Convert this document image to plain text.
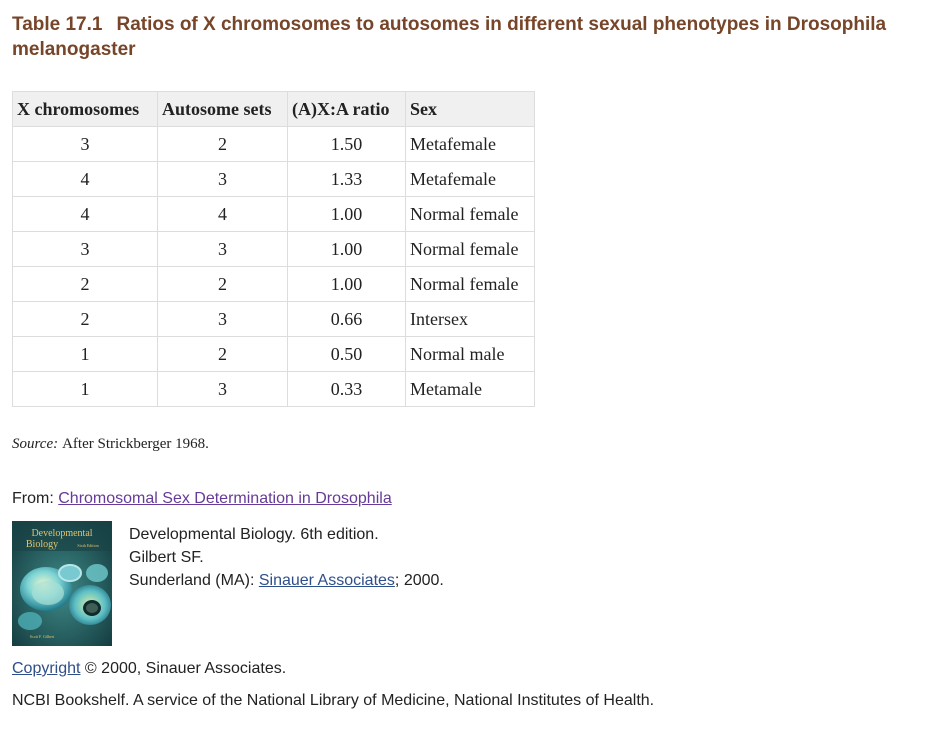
Table 17.1 Ratios of X chromosomes to autosomes in different sexual phenotypes in Drosophila melanogaster
X chromosomes	Autosome sets	(A)X:A ratio	Sex
3	2	1.50	Metafemale
4	3	1.33	Metafemale
4	4	1.00	Normal female
3	3	1.00	Normal female
2	2	1.00	Normal female
2	3	0.66	Intersex
1	2	0.50	Normal male
1	3	0.33	Metamale
Source: After Strickberger 1968.
From: Chromosomal Sex Determination in Drosophila
Developmental
Biology	Sixth Edition
Scott F. Gilbert
Developmental Biology. 6th edition.
Gilbert SF.
Sunderland (MA): Sinauer Associates; 2000.
Copyright © 2000, Sinauer Associates.
NCBI Bookshelf. A service of the National Library of Medicine, National Institutes of Health.
